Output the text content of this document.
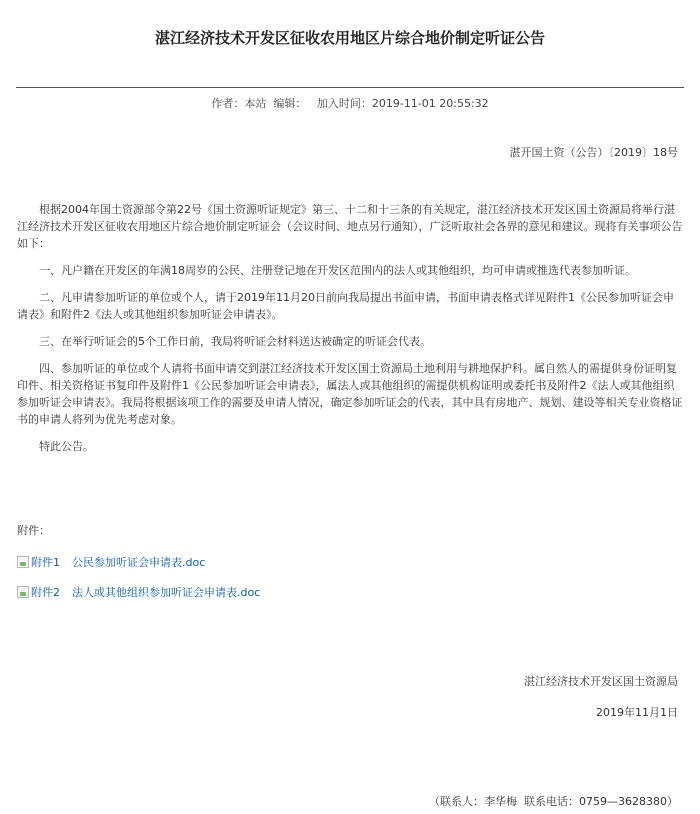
湛江经济技术开发区征收农用地区片综合地价制定听证公告
作者：本站 编辑： 加入时间：2019-11-01 20:55:32
湛开国土资（公告）〔2019〕18号

根据2004年国土资源部令第22号《国土资源听证规定》第三、十二和十三条的有关规定，湛江经济技术开发区国土资源局将举行湛江经济技术开发区征收农用地区片综合地价制定听证会（会议时间、地点另行通知），广泛听取社会各界的意见和建议。现将有关事项公告如下：

一、凡户籍在开发区的年满18周岁的公民、注册登记地在开发区范围内的法人或其他组织，均可申请或推选代表参加听证。

二、凡申请参加听证的单位或个人，请于2019年11月20日前向我局提出书面申请，书面申请表格式详见附件1《公民参加听证会申请表》和附件2《法人或其他组织参加听证会申请表》。

三、在举行听证会的5个工作日前，我局将听证会材料送达被确定的听证会代表。

四、参加听证的单位或个人请将书面申请交到湛江经济技术开发区国土资源局土地利用与耕地保护科。属自然人的需提供身份证明复印件、相关资格证书复印件及附件1《公民参加听证会申请表》，属法人或其他组织的需提供机构证明或委托书及附件2《法人或其他组织参加听证会申请表》。我局将根据该项工作的需要及申请人情况，确定参加听证会的代表，其中具有房地产、规划、建设等相关专业资格证书的申请人将列为优先考虑对象。

特此公告。

附件：
附件1 公民参加听证会申请表.doc
附件2 法人或其他组织参加听证会申请表.doc
湛江经济技术开发区国土资源局
2019年11月1日
（联系人：李华梅  联系电话：0759—3628380）
